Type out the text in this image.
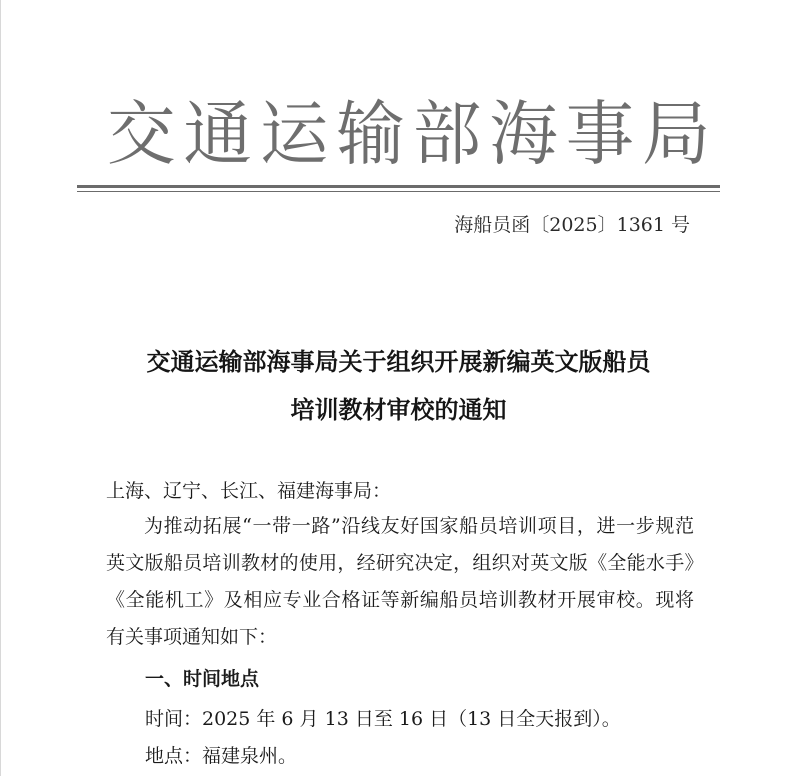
交通运输部海事局
海船员函〔2025〕1361 号
交通运输部海事局关于组织开展新编英文版船员
培训教材审校的通知
上海、辽宁、长江、福建海事局：
为推动拓展“一带一路”沿线友好国家船员培训项目，进一步规范英文版船员培训教材的使用，经研究决定，组织对英文版《全能水手》《全能机工》及相应专业合格证等新编船员培训教材开展审校。现将有关事项通知如下：
一、时间地点
时间：2025 年 6 月 13 日至 16 日（13 日全天报到）。
地点：福建泉州。
